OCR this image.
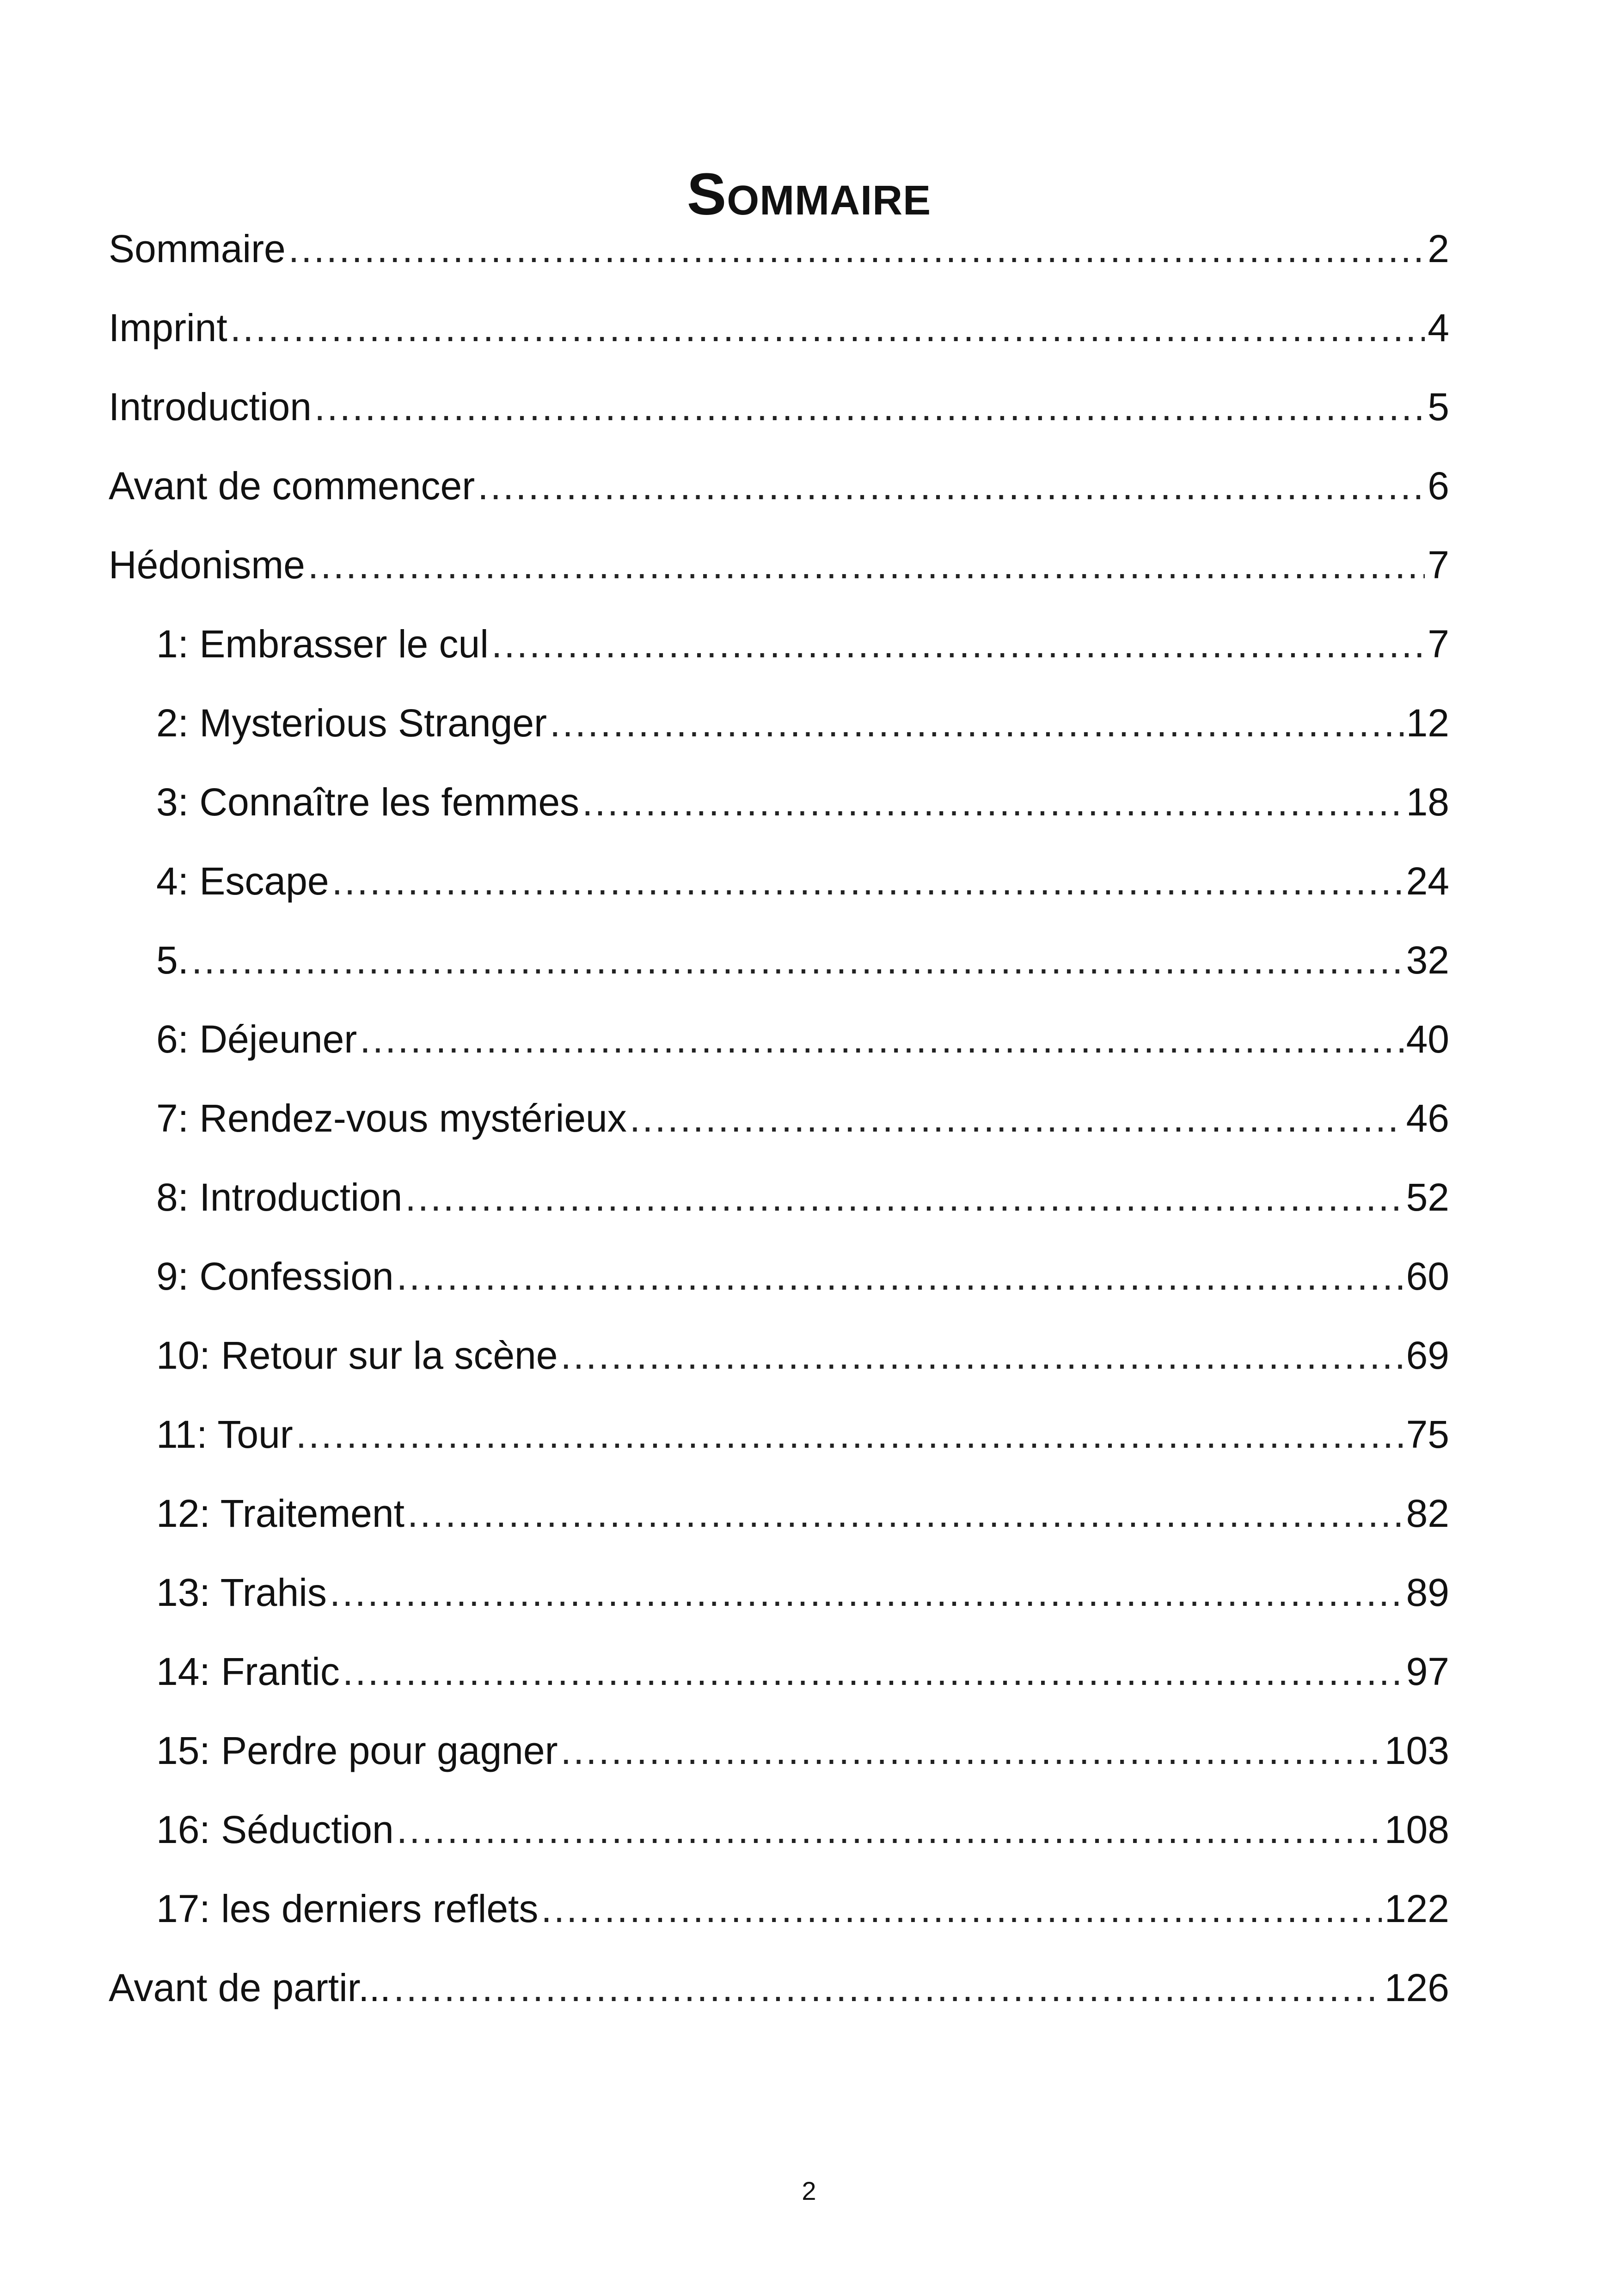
Sommaire
Sommaire .....	2
Imprint .....	4
Introduction .....	5
Avant de commencer .....	6
Hédonisme .....	7
1: Embrasser le cul .....	7
2: Mysterious Stranger .....	12
3: Connaître les femmes .....	18
4: Escape .....	24
5. .....	32
6: Déjeuner .....	40
7: Rendez-vous mystérieux .....	46
8: Introduction .....	52
9: Confession .....	60
10: Retour sur la scène .....	69
11: Tour .....	75
12: Traitement .....	82
13: Trahis .....	89
14: Frantic .....	97
15: Perdre pour gagner .....	103
16: Séduction .....	108
17: les derniers reflets .....	122
Avant de partir... .....	126
2
